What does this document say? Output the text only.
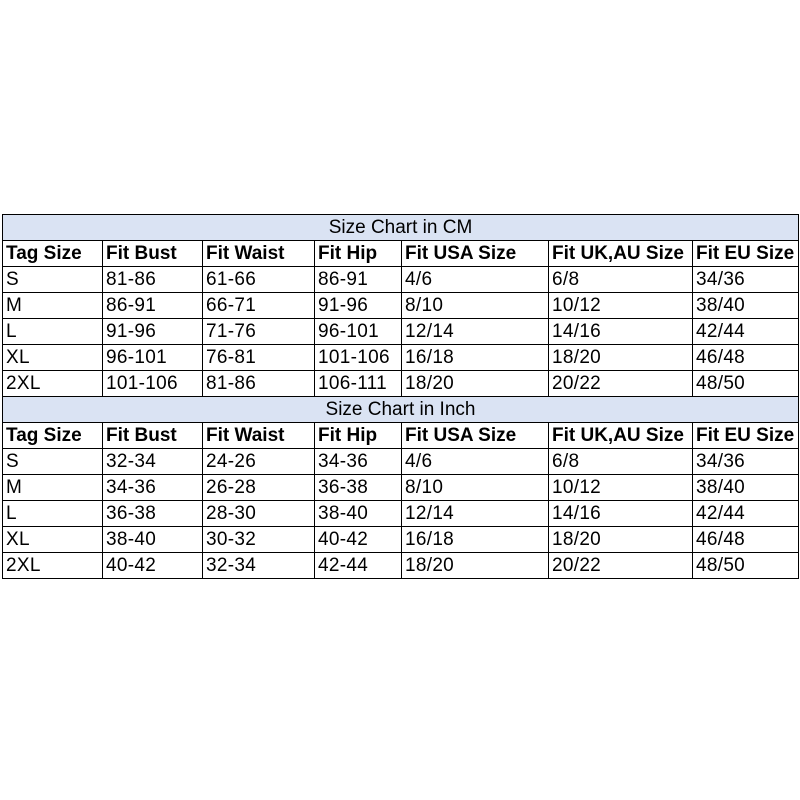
Size Chart in CM						
Tag Size	Fit Bust	Fit Waist	Fit Hip	Fit USA Size	Fit UK,AU Size	Fit EU Size
S	81-86	61-66	86-91	4/6	6/8	34/36
M	86-91	66-71	91-96	8/10	10/12	38/40
L	91-96	71-76	96-101	12/14	14/16	42/44
XL	96-101	76-81	101-106	16/18	18/20	46/48
2XL	101-106	81-86	106-111	18/20	20/22	48/50
Size Chart in Inch						
Tag Size	Fit Bust	Fit Waist	Fit Hip	Fit USA Size	Fit UK,AU Size	Fit EU Size
S	32-34	24-26	34-36	4/6	6/8	34/36
M	34-36	26-28	36-38	8/10	10/12	38/40
L	36-38	28-30	38-40	12/14	14/16	42/44
XL	38-40	30-32	40-42	16/18	18/20	46/48
2XL	40-42	32-34	42-44	18/20	20/22	48/50
